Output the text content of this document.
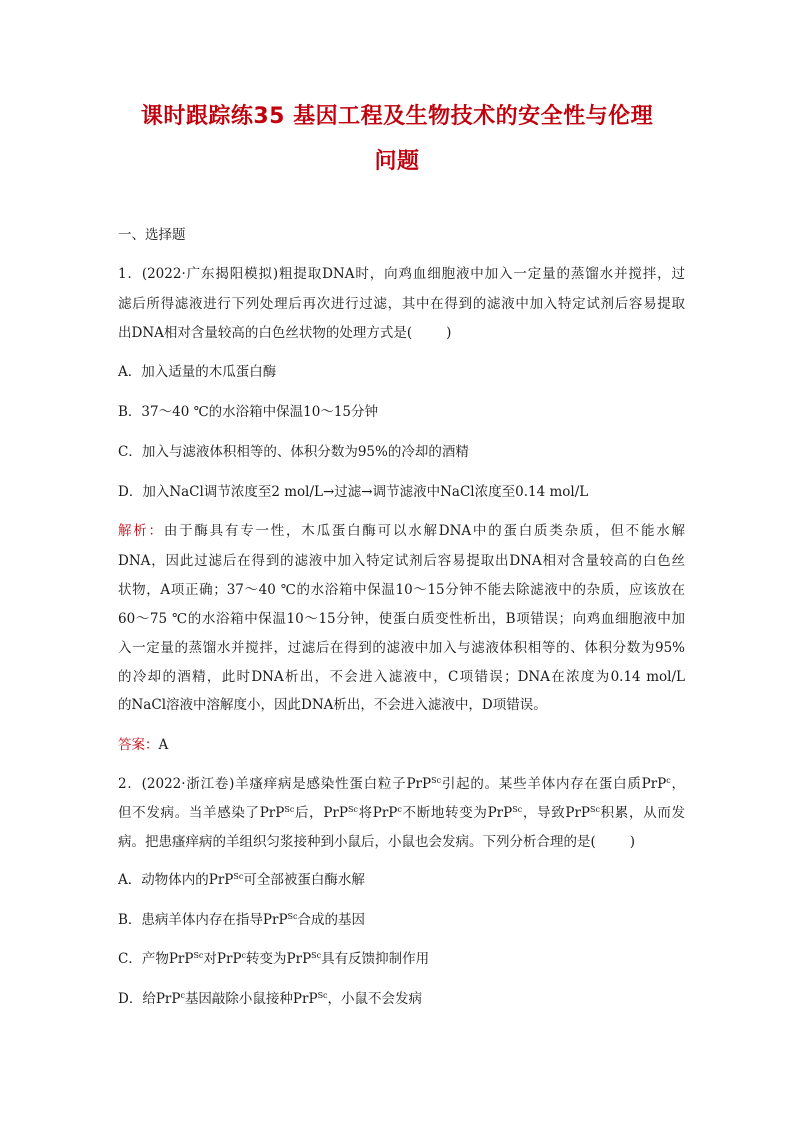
课时跟踪练35 基因工程及生物技术的安全性与伦理
问题
一、选择题
1．(2022·广东揭阳模拟)粗提取DNA时，向鸡血细胞液中加入一定量的蒸馏水并搅拌，过
滤后所得滤液进行下列处理后再次进行过滤，其中在得到的滤液中加入特定试剂后容易提取
出DNA相对含量较高的白色丝状物的处理方式是(	)
A．加入适量的木瓜蛋白酶
B．37～40 ℃的水浴箱中保温10～15分钟
C．加入与滤液体积相等的、体积分数为95%的冷却的酒精
D．加入NaCl调节浓度至2 mol/L→过滤→调节滤液中NaCl浓度至0.14 mol/L
解析：由于酶具有专一性，木瓜蛋白酶可以水解DNA中的蛋白质类杂质，但不能水解
DNA，因此过滤后在得到的滤液中加入特定试剂后容易提取出DNA相对含量较高的白色丝
状物，A项正确；37～40 ℃的水浴箱中保温10～15分钟不能去除滤液中的杂质，应该放在
60～75 ℃的水浴箱中保温10～15分钟，使蛋白质变性析出，B项错误；向鸡血细胞液中加
入一定量的蒸馏水并搅拌，过滤后在得到的滤液中加入与滤液体积相等的、体积分数为95%
的冷却的酒精，此时DNA析出，不会进入滤液中，C项错误；DNA在浓度为0.14 mol/L
的NaCl溶液中溶解度小，因此DNA析出，不会进入滤液中，D项错误。
答案：A
2．(2022·浙江卷)羊瘙痒病是感染性蛋白粒子PrP$^{Sc}$引起的。某些羊体内存在蛋白质PrP$^c$，
但不发病。当羊感染了PrP$^{Sc}$后，PrP$^{Sc}$将PrP$^c$不断地转变为PrP$^{Sc}$，导致PrP$^{Sc}$积累，从而发
病。把患瘙痒病的羊组织匀浆接种到小鼠后，小鼠也会发病。下列分析合理的是(	)
A．动物体内的PrP$^{Sc}$可全部被蛋白酶水解
B．患病羊体内存在指导PrP$^{Sc}$合成的基因
C．产物PrP$^{Sc}$对PrP$^c$转变为PrP$^{Sc}$具有反馈抑制作用
D．给PrP$^c$基因敲除小鼠接种PrP$^{Sc}$，小鼠不会发病
